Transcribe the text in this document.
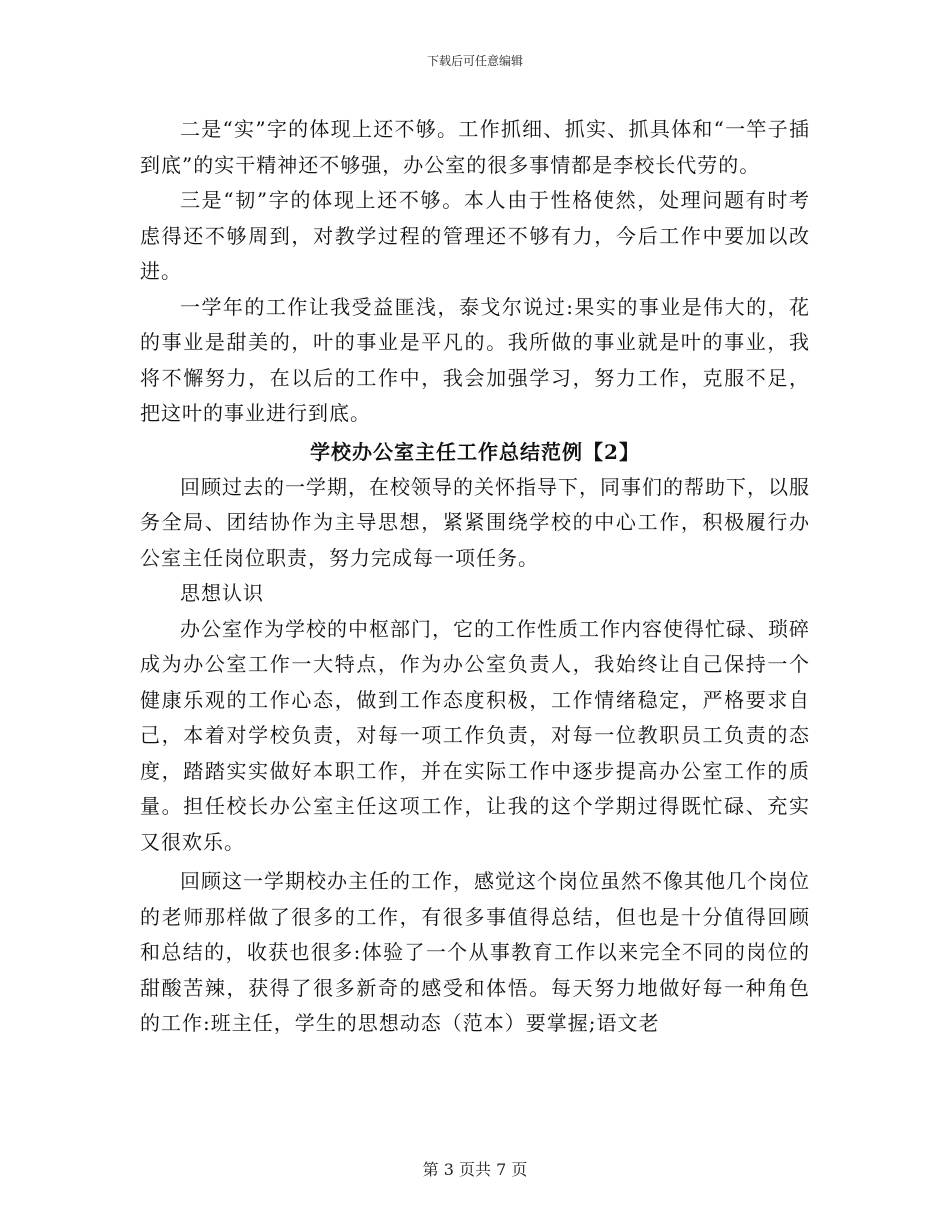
下载后可任意编辑

二是“实”字的体现上还不够。工作抓细、抓实、抓具体和“一竿子插到底”的实干精神还不够强，办公室的很多事情都是李校长代劳的。

三是“韧”字的体现上还不够。本人由于性格使然，处理问题有时考虑得还不够周到，对教学过程的管理还不够有力，今后工作中要加以改进。

一学年的工作让我受益匪浅，泰戈尔说过:果实的事业是伟大的，花的事业是甜美的，叶的事业是平凡的。我所做的事业就是叶的事业，我将不懈努力，在以后的工作中，我会加强学习，努力工作，克服不足，把这叶的事业进行到底。

学校办公室主任工作总结范例【2】

回顾过去的一学期，在校领导的关怀指导下，同事们的帮助下，以服务全局、团结协作为主导思想，紧紧围绕学校的中心工作，积极履行办公室主任岗位职责，努力完成每一项任务。

思想认识

办公室作为学校的中枢部门，它的工作性质工作内容使得忙碌、琐碎成为办公室工作一大特点，作为办公室负责人，我始终让自己保持一个健康乐观的工作心态，做到工作态度积极，工作情绪稳定，严格要求自己，本着对学校负责，对每一项工作负责，对每一位教职员工负责的态度，踏踏实实做好本职工作，并在实际工作中逐步提高办公室工作的质量。担任校长办公室主任这项工作，让我的这个学期过得既忙碌、充实又很欢乐。

回顾这一学期校办主任的工作，感觉这个岗位虽然不像其他几个岗位的老师那样做了很多的工作，有很多事值得总结，但也是十分值得回顾和总结的，收获也很多:体验了一个从事教育工作以来完全不同的岗位的甜酸苦辣，获得了很多新奇的感受和体悟。每天努力地做好每一种角色的工作:班主任，学生的思想动态（范本）要掌握;语文老

第 3 页共 7 页
